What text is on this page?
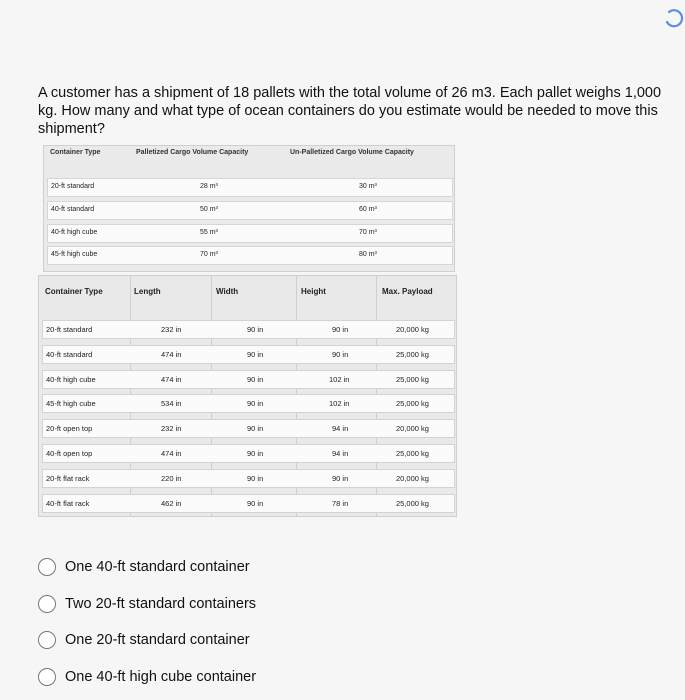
A customer has a shipment of 18 pallets with the total volume of 26 m3. Each pallet weighs 1,000 kg. How many and what type of ocean containers do you estimate would be needed to move this shipment?
Container Type	Palletized Cargo Volume Capacity	Un-Palletized Cargo Volume Capacity
20-ft standard	28 m³	30 m³
40-ft standard	50 m³	60 m³
40-ft high cube	55 m³	70 m³
45-ft high cube	70 m³	80 m³
Container Type	Length	Width	Height	Max. Payload
20-ft standard	232 in	90 in	90 in	20,000 kg
40-ft standard	474 in	90 in	90 in	25,000 kg
40-ft high cube	474 in	90 in	102 in	25,000 kg
45-ft high cube	534 in	90 in	102 in	25,000 kg
20-ft open top	232 in	90 in	94 in	20,000 kg
40-ft open top	474 in	90 in	94 in	25,000 kg
20-ft flat rack	220 in	90 in	90 in	20,000 kg
40-ft flat rack	462 in	90 in	78 in	25,000 kg
One 40-ft standard container
Two 20-ft standard containers
One 20-ft standard container
One 40-ft high cube container
